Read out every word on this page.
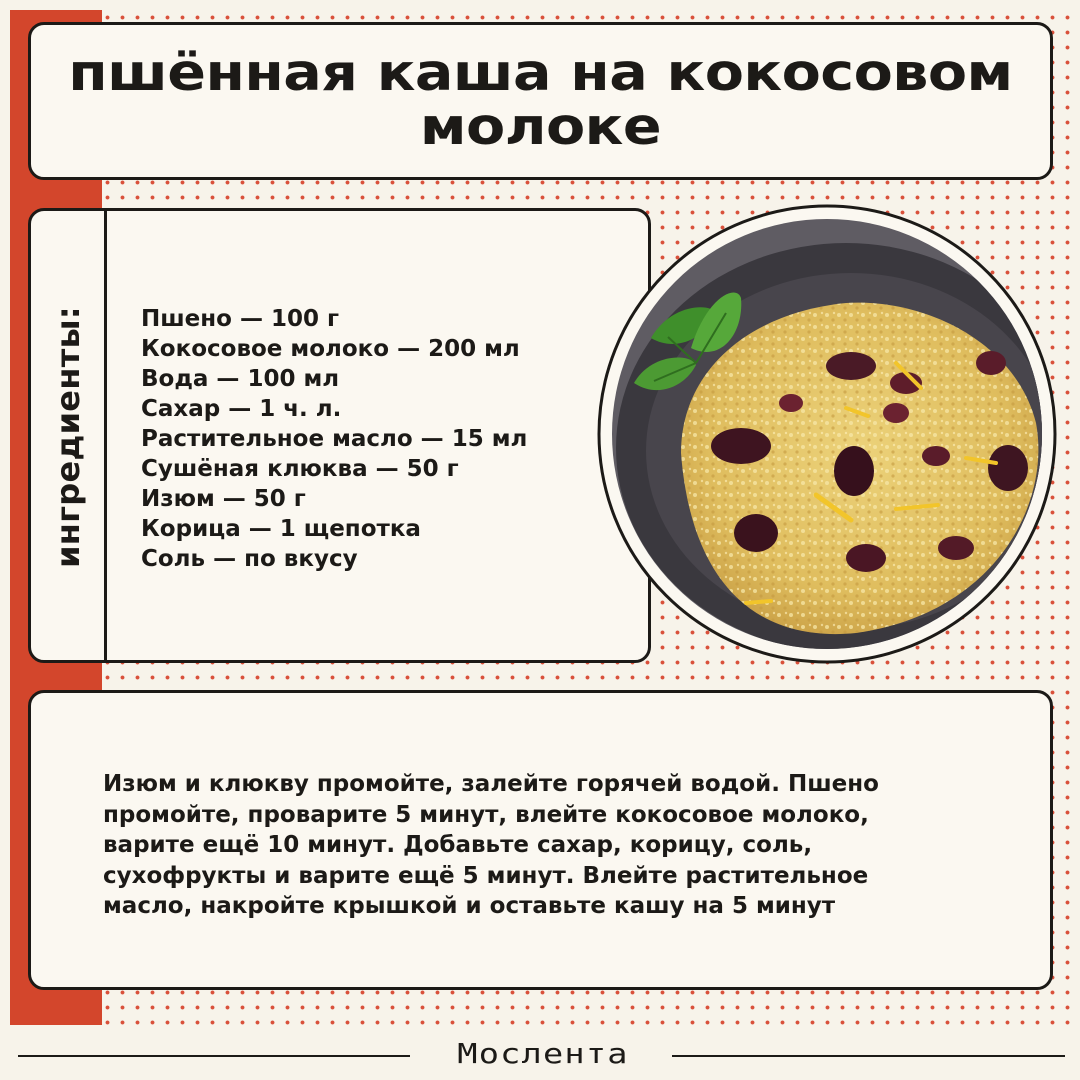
пшённая каша на кокосовом молоке
ингредиенты: Пшено — 100 г
Кокосовое молоко — 200 мл
Вода — 100 мл
Сахар — 1 ч. л.
Растительное масло — 15 мл
Сушёная клюква — 50 г
Изюм — 50 г
Корица — 1 щепотка
Соль — по вкусу

Изюм и клюкву промойте, залейте горячей водой. Пшено промойте, проварите 5 минут, влейте кокосовое молоко, варите ещё 10 минут. Добавьте сахар, корицу, соль, сухофрукты и варите ещё 5 минут. Влейте растительное масло, накройте крышкой и оставьте кашу на 5 минут

Мослента
